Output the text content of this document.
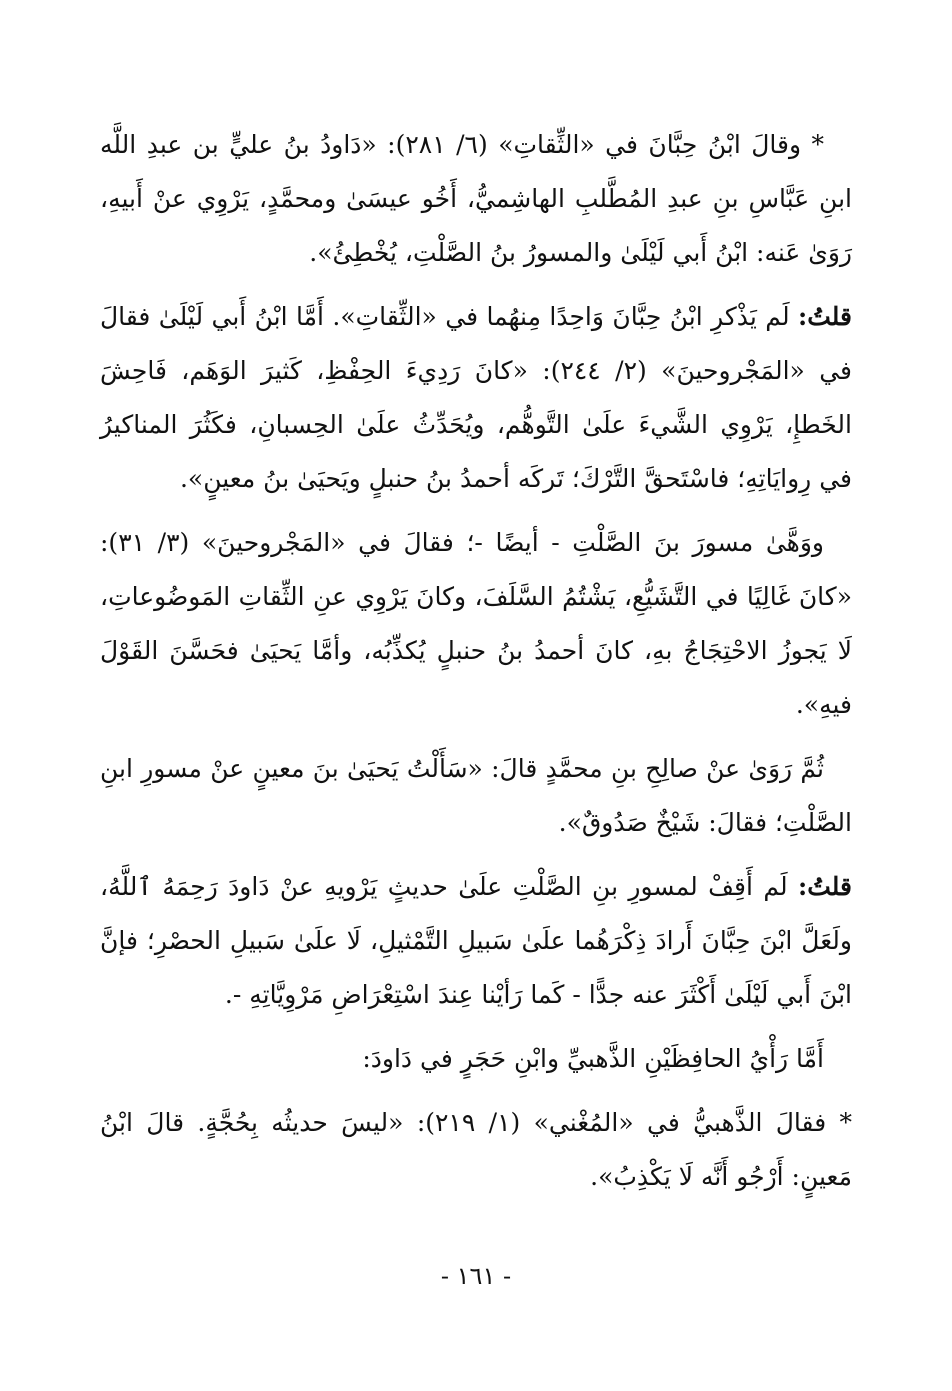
* وقالَ ابْنُ حِبَّانَ في «الثِّقاتِ» (٦/ ٢٨١): «دَاودُ بنُ عليٍّ بن عبدِ اللَّه ابنِ عَبَّاسِ بنِ عبدِ المُطَّلبِ الهاشِميُّ، أَخُو عيسَىٰ ومحمَّدٍ، يَرْوِي عنْ أَبيهِ، رَوَىٰ عَنه: ابْنُ أَبي لَيْلَىٰ والمسورُ بنُ الصَّلْتِ، يُخْطِئُ».

قلتُ: لَم يَذْكرِ ابْنُ حِبَّانَ وَاحِدًا مِنهُما في «الثِّقاتِ». أَمَّا ابْنُ أَبي لَيْلَىٰ فقالَ في «المَجْروحينَ» (٢/ ٢٤٤): «كانَ رَدِيءَ الحِفْظِ، كَثيرَ الوَهَم، فَاحِشَ الخَطإِ، يَرْوِي الشَّيءَ علَىٰ التَّوهُّم، ويُحَدِّثُ علَىٰ الحِسبانِ، فكَثُرَ المناكيرُ في رِوايَاتِهِ؛ فاسْتَحقَّ التَّرْكَ؛ تَركَه أحمدُ بنُ حنبلٍ ويَحيَىٰ بنُ معينٍ».

ووَهَّىٰ مسورَ بنَ الصَّلْتِ - أيضًا -؛ فقالَ في «المَجْروحينَ» (٣/ ٣١): «كانَ غَالِيًا في التَّشَيُّعِ، يَشْتُمُ السَّلَفَ، وكانَ يَرْوِي عنِ الثِّقاتِ المَوضُوعاتِ، لَا يَجوزُ الاحْتِجَاجُ بهِ، كانَ أحمدُ بنُ حنبلٍ يُكذِّبُه، وأمَّا يَحيَىٰ فحَسَّنَ القَوْلَ فيهِ».

ثُمَّ رَوَىٰ عنْ صالِحِ بنِ محمَّدٍ قالَ: «سَأَلْتُ يَحيَىٰ بنَ معينٍ عنْ مسورِ ابنِ الصَّلْتِ؛ فقالَ: شَيْخٌ صَدُوقٌ».

قلتُ: لَم أَقِفْ لمسورِ بنِ الصَّلْتِ علَىٰ حديثٍ يَرْويهِ عنْ دَاودَ رَحِمَهُ ٱللَّهُ، ولَعَلَّ ابْنَ حِبَّانَ أَرادَ ذِكْرَهُما علَىٰ سَبيلِ التَّمْثيلِ، لَا علَىٰ سَبيلِ الحصْرِ؛ فإنَّ ابْنَ أَبي لَيْلَىٰ أَكْثَرَ عنه جدًّا - كَما رَأيْنا عِندَ اسْتِعْرَاضِ مَرْوِيَّاتِهِ -.

أَمَّا رَأْيُ الحافِظَيْنِ الذَّهبيِّ وابْنِ حَجَرٍ في دَاودَ:

* فقالَ الذَّهبيُّ في «المُغْني» (١/ ٢١٩): «ليسَ حديثُه بِحُجَّةٍ. قالَ ابْنُ مَعينٍ: أَرْجُو أَنَّه لَا يَكْذِبُ».

- ١٦١ -
